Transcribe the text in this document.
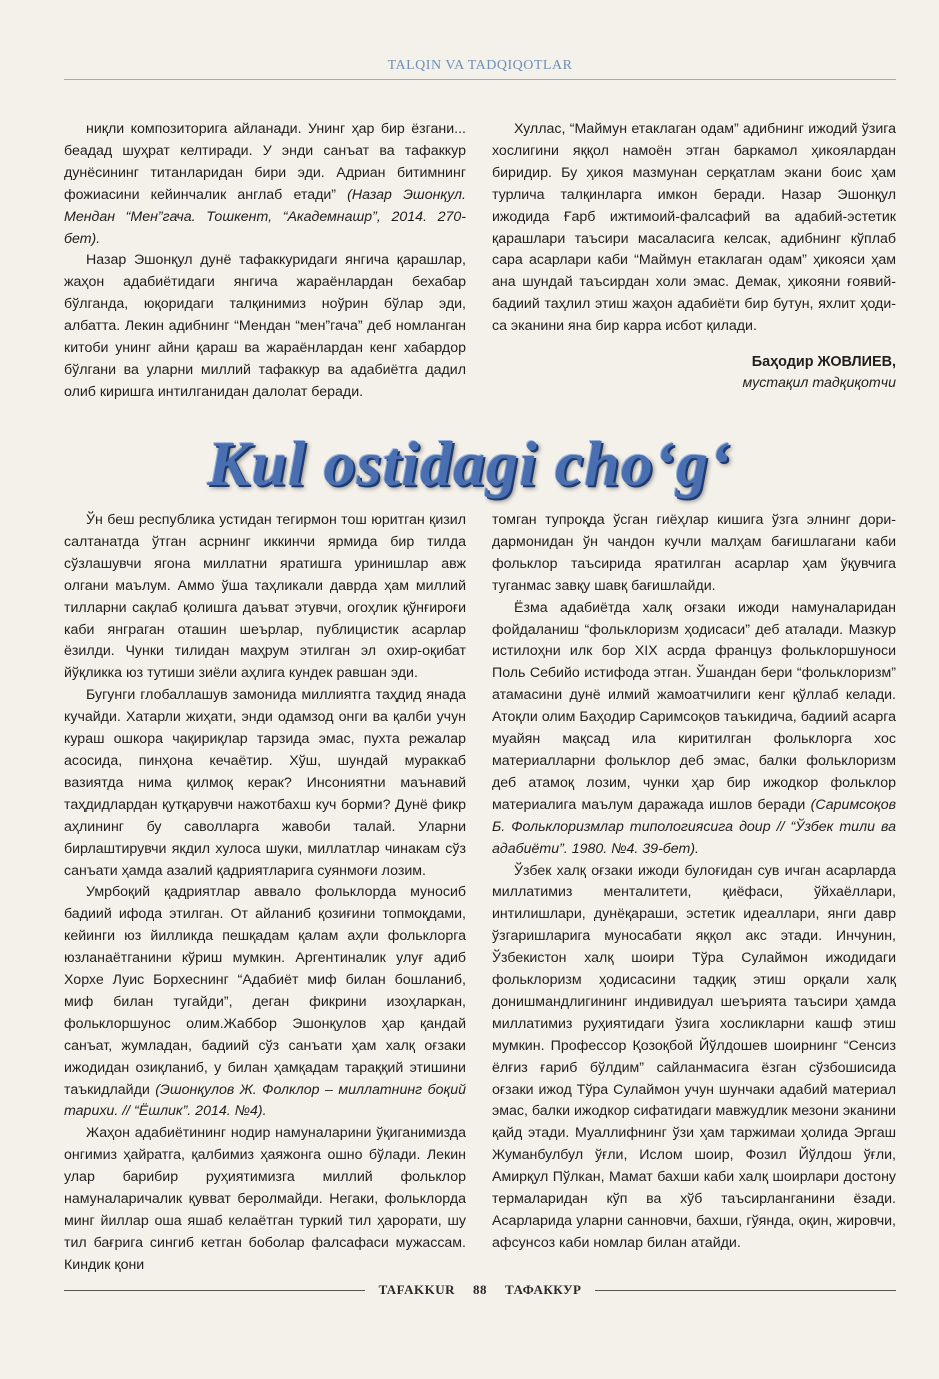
TALQIN VA TADQIQOTLAR

ниқли композиторига айланади. Унинг ҳар бир ёзгани... беадад шуҳрат келтиради. У энди санъат ва тафаккур дунёсининг титанларидан бири эди. Адриан битимнинг фожиасини кейинчалик англаб етади” (Назар Эшонқул. Мендан “Мен”гача. Тошкент, “Академнашр”, 2014. 270-бет).

Назар Эшонқул дунё тафаккуридаги янгича қарашлар, жаҳон адабиётидаги янгича жараёнлардан бехабар бўлганда, юқоридаги талқинимиз ноўрин бўлар эди, албатта. Лекин адибнинг “Мендан “мен”гача” деб номланган китоби унинг айни қараш ва жараёнлардан кенг хабардор бўлгани ва уларни миллий тафаккур ва адабиётга дадил олиб киришга интилганидан далолат беради.

Хуллас, “Маймун етаклаган одам” адибнинг ижодий ўзига хослигини яққол намоён этган баркамол ҳикоялардан биридир. Бу ҳикоя мазмунан серқатлам экани боис ҳам турлича талқинларга имкон беради. Назар Эшонқул ижодида Ғарб ижтимоий-фалсафий ва адабий-эстетик қарашлари таъсири масаласига келсак, адибнинг кўплаб сара асарлари каби “Маймун етаклаган одам” ҳикояси ҳам ана шундай таъсирдан холи эмас. Демак, ҳикояни ғоявий-бадиий таҳлил этиш жаҳон адабиёти бир бутун, яхлит ҳодиса эканини яна бир карра исбот қилади.

Баҳодир ЖОВЛИЕВ,
мустақил тадқиқотчи
Kul ostidagi cho‘g‘

Ўн беш республика устидан тегирмон тош юритган қизил салтанатда ўтган асрнинг иккинчи ярмида бир тилда сўзлашувчи ягона миллатни яратишга уринишлар авж олгани маълум. Аммо ўша таҳликали даврда ҳам миллий тилларни сақлаб қолишга даъват этувчи, огоҳлик қўнғироғи каби янграган оташин шеърлар, публицистик асарлар ёзилди. Чунки тилидан маҳрум этилган эл охир-оқибат йўқликка юз тутиши зиёли аҳлига кундек равшан эди.

Бугунги глобаллашув замонида миллиятга таҳдид янада кучайди. Хатарли жиҳати, энди одамзод онги ва қалби учун кураш ошкора чақириқлар тарзида эмас, пухта режалар асосида, пинҳона кечаётир. Хўш, шундай мураккаб вазиятда нима қилмоқ керак? Инсониятни маънавий таҳдидлардан қутқарувчи нажотбахш куч борми? Дунё фикр аҳлининг бу саволларга жавоби талай. Уларни бирлаштирувчи якдил хулоса шуки, миллатлар чинакам сўз санъати ҳамда азалий қадриятларига суянмоғи лозим.

Умрбоқий қадриятлар аввало фольклорда муносиб бадиий ифода этилган. От айланиб қозиғини топмоқдами, кейинги юз йилликда пешқадам қалам аҳли фольклорга юзланаётганини кўриш мумкин. Аргентиналик улуғ адиб Хорхе Луис Борхеснинг “Адабиёт миф билан бошланиб, миф билан тугайди”, деган фикрини изоҳларкан, фольклоршунос олим.Жаббор Эшонқулов ҳар қандай санъат, жумладан, бадиий сўз санъати ҳам халқ оғзаки ижодидан озиқланиб, у билан ҳамқадам тараққий этишини таъкидлайди (Эшонқулов Ж. Фолклор – миллатнинг боқий тарихи. // “Ёшлик”. 2014. №4).

Жаҳон адабиётининг нодир намуналарини ўқиганимизда онгимиз ҳайратга, қалбимиз ҳаяжонга ошно бўлади. Лекин улар барибир руҳиятимизга миллий фольклор намуналаричалик қувват беролмайди. Негаки, фольклорда минг йиллар оша яшаб келаётган туркий тил ҳарорати, шу тил бағрига сингиб кетган боболар фалсафаси мужассам. Киндик қони

томган тупроқда ўсган гиёҳлар кишига ўзга элнинг дори-дармонидан ўн чандон кучли малҳам бағишлагани каби фольклор таъсирида яратилган асарлар ҳам ўқувчига туганмас завқу шавқ бағишлайди.

Ёзма адабиётда халқ оғзаки ижоди намуналаридан фойдаланиш “фольклоризм ҳодисаси” деб аталади. Мазкур истилоҳни илк бор XIX асрда француз фольклоршуноси Поль Себийо истифода этган. Ўшандан бери “фольклоризм” атамасини дунё илмий жамоатчилиги кенг қўллаб келади. Атоқли олим Баҳодир Саримсоқов таъкидича, бадиий асарга муайян мақсад ила киритилган фольклорга хос материалларни фольклор деб эмас, балки фольклоризм деб атамоқ лозим, чунки ҳар бир ижодкор фольклор материалига маълум даражада ишлов беради (Саримсоқов Б. Фольклоризмлар типологиясига доир // “Ўзбек тили ва адабиёти”. 1980. №4. 39-бет).

Ўзбек халқ оғзаки ижоди булоғидан сув ичган асарларда миллатимиз менталитети, қиёфаси, ўйхаёллари, интилишлари, дунёқараши, эстетик идеаллари, янги давр ўзгаришларига муносабати яққол акс этади. Инчунин, Ўзбекистон халқ шоири Тўра Сулаймон ижодидаги фольклоризм ҳодисасини тадқиқ этиш орқали халқ донишмандлигининг индивидуал шеърията таъсири ҳамда миллатимиз руҳиятидаги ўзига хосликларни кашф этиш мумкин. Профессор Қозоқбой Йўлдошев шоирнинг “Сенсиз ёлғиз ғариб бўлдим” сайланмасига ёзган сўзбошисида оғзаки ижод Тўра Сулаймон учун шунчаки адабий материал эмас, балки ижодкор сифатидаги мавжудлик мезони эканини қайд этади. Муаллифнинг ўзи ҳам таржимаи ҳолида Эргаш Жуманбулбул ўғли, Ислом шоир, Фозил Йўлдош ўғли, Амирқул Пўлкан, Мамат бахши каби халқ шоирлари достону термаларидан кўп ва хўб таъсирланганини ёзади. Асарларида уларни санновчи, бахши, гўянда, оқин, жировчи, афсунсоз каби номлар билан атайди.

TAFAKKUR 88 ТАФАККУР
